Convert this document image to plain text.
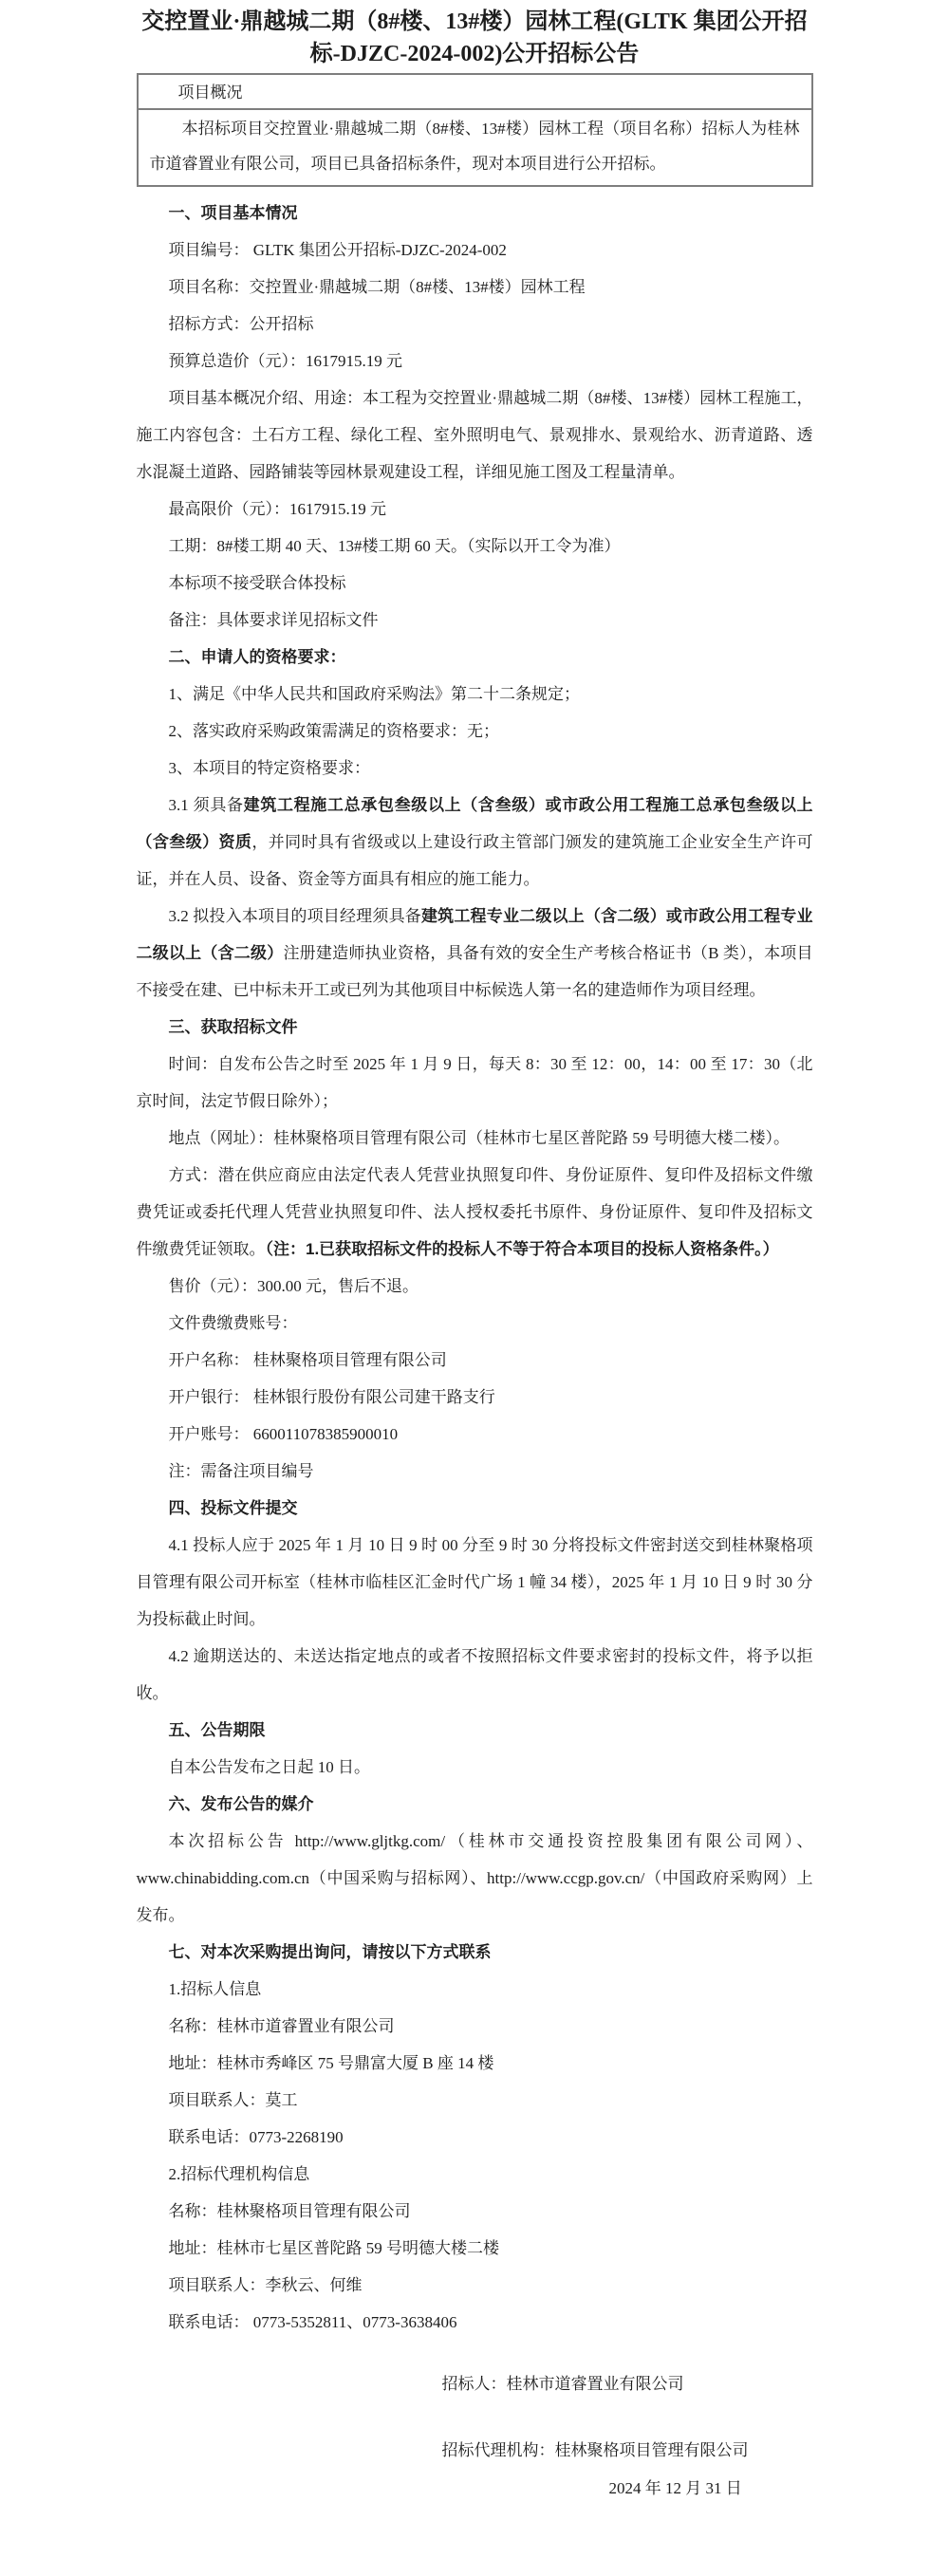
交控置业·鼎越城二期（8#楼、13#楼）园林工程(GLTK 集团公开招标-DJZC-2024-002)公开招标公告
项目概况
本招标项目交控置业·鼎越城二期（8#楼、13#楼）园林工程（项目名称）招标人为桂林市道睿置业有限公司，项目已具备招标条件，现对本项目进行公开招标。

一、项目基本情况

项目编号： GLTK 集团公开招标-DJZC-2024-002

项目名称：交控置业·鼎越城二期（8#楼、13#楼）园林工程

招标方式：公开招标

预算总造价（元）：1617915.19 元

项目基本概况介绍、用途：本工程为交控置业·鼎越城二期（8#楼、13#楼）园林工程施工，施工内容包含：土石方工程、绿化工程、室外照明电气、景观排水、景观给水、沥青道路、透水混凝土道路、园路铺装等园林景观建设工程，详细见施工图及工程量清单。

最高限价（元）：1617915.19 元

工期：8#楼工期 40 天、13#楼工期 60 天。（实际以开工令为准）

本标项不接受联合体投标

备注：具体要求详见招标文件

二、申请人的资格要求：

1、满足《中华人民共和国政府采购法》第二十二条规定；

2、落实政府采购政策需满足的资格要求：无；

3、本项目的特定资格要求：

3.1 须具备建筑工程施工总承包叁级以上（含叁级）或市政公用工程施工总承包叁级以上（含叁级）资质，并同时具有省级或以上建设行政主管部门颁发的建筑施工企业安全生产许可证，并在人员、设备、资金等方面具有相应的施工能力。

3.2 拟投入本项目的项目经理须具备建筑工程专业二级以上（含二级）或市政公用工程专业二级以上（含二级）注册建造师执业资格，具备有效的安全生产考核合格证书（B 类），本项目不接受在建、已中标未开工或已列为其他项目中标候选人第一名的建造师作为项目经理。

三、获取招标文件

时间：自发布公告之时至 2025 年 1 月 9 日，每天 8：30 至 12：00，14：00 至 17：30（北京时间，法定节假日除外）；

地点（网址）：桂林聚格项目管理有限公司（桂林市七星区普陀路 59 号明德大楼二楼）。

方式：潜在供应商应由法定代表人凭营业执照复印件、身份证原件、复印件及招标文件缴费凭证或委托代理人凭营业执照复印件、法人授权委托书原件、身份证原件、复印件及招标文件缴费凭证领取。（注：1.已获取招标文件的投标人不等于符合本项目的投标人资格条件。）

售价（元）：300.00 元，售后不退。

文件费缴费账号：

开户名称： 桂林聚格项目管理有限公司

开户银行： 桂林银行股份有限公司建干路支行

开户账号： 660011078385900010

注：需备注项目编号

四、投标文件提交

4.1 投标人应于 2025 年 1 月 10 日 9 时 00 分至 9 时 30 分将投标文件密封送交到桂林聚格项目管理有限公司开标室（桂林市临桂区汇金时代广场 1 幢 34 楼），2025 年 1 月 10 日 9 时 30 分为投标截止时间。

4.2 逾期送达的、未送达指定地点的或者不按照招标文件要求密封的投标文件，将予以拒收。

五、公告期限

自本公告发布之日起 10 日。

六、发布公告的媒介

本次招标公告 http://www.gljtkg.com/（桂林市交通投资控股集团有限公司网）、www.chinabidding.com.cn（中国采购与招标网）、http://www.ccgp.gov.cn/（中国政府采购网）上发布。

七、对本次采购提出询问，请按以下方式联系

1.招标人信息

名称：桂林市道睿置业有限公司

地址：桂林市秀峰区 75 号鼎富大厦 B 座 14 楼

项目联系人：莫工

联系电话：0773-2268190

2.招标代理机构信息

名称：桂林聚格项目管理有限公司

地址：桂林市七星区普陀路 59 号明德大楼二楼

项目联系人：李秋云、何维

联系电话： 0773-5352811、0773-3638406

招标人：桂林市道睿置业有限公司

招标代理机构：桂林聚格项目管理有限公司

2024 年 12 月 31 日
